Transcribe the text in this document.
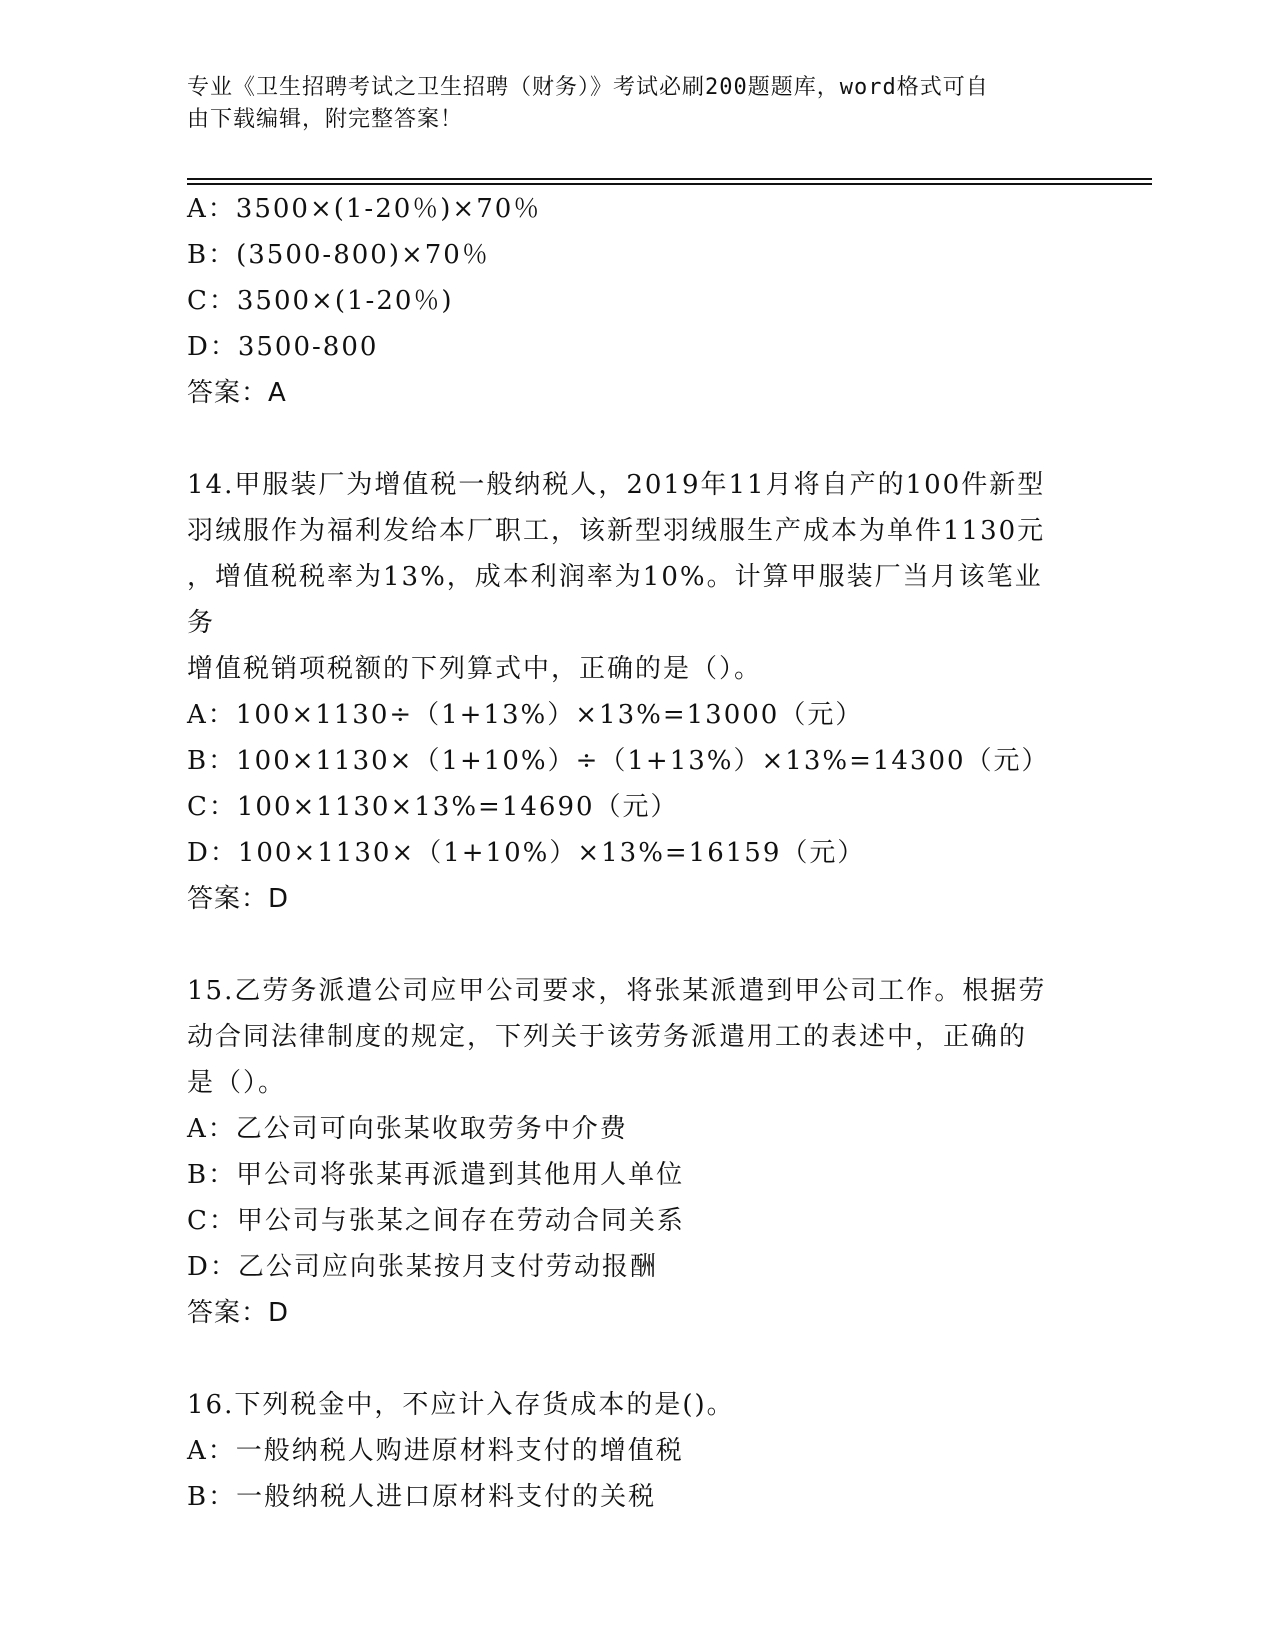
专业《卫生招聘考试之卫生招聘（财务）》考试必刷200题题库，word格式可自
由下载编辑，附完整答案！
A：3500×(1-20％)×70％
B：(3500-800)×70％
C：3500×(1-20％)
D：3500-800
答案：A
14.甲服装厂为增值税一般纳税人，2019年11月将自产的100件新型
羽绒服作为福利发给本厂职工，该新型羽绒服生产成本为单件1130元
，增值税税率为13%，成本利润率为10%。计算甲服装厂当月该笔业务
增值税销项税额的下列算式中，正确的是（）。
A：100×1130÷（1+13%）×13%=13000（元）
B：100×1130×（1+10%）÷（1+13%）×13%=14300（元）
C：100×1130×13%=14690（元）
D：100×1130×（1+10%）×13%=16159（元）
答案：D
15.乙劳务派遣公司应甲公司要求，将张某派遣到甲公司工作。根据劳
动合同法律制度的规定，下列关于该劳务派遣用工的表述中，正确的
是（）。
A：乙公司可向张某收取劳务中介费
B：甲公司将张某再派遣到其他用人单位
C：甲公司与张某之间存在劳动合同关系
D：乙公司应向张某按月支付劳动报酬
答案：D
16.下列税金中，不应计入存货成本的是()。
A：一般纳税人购进原材料支付的增值税
B：一般纳税人进口原材料支付的关税
